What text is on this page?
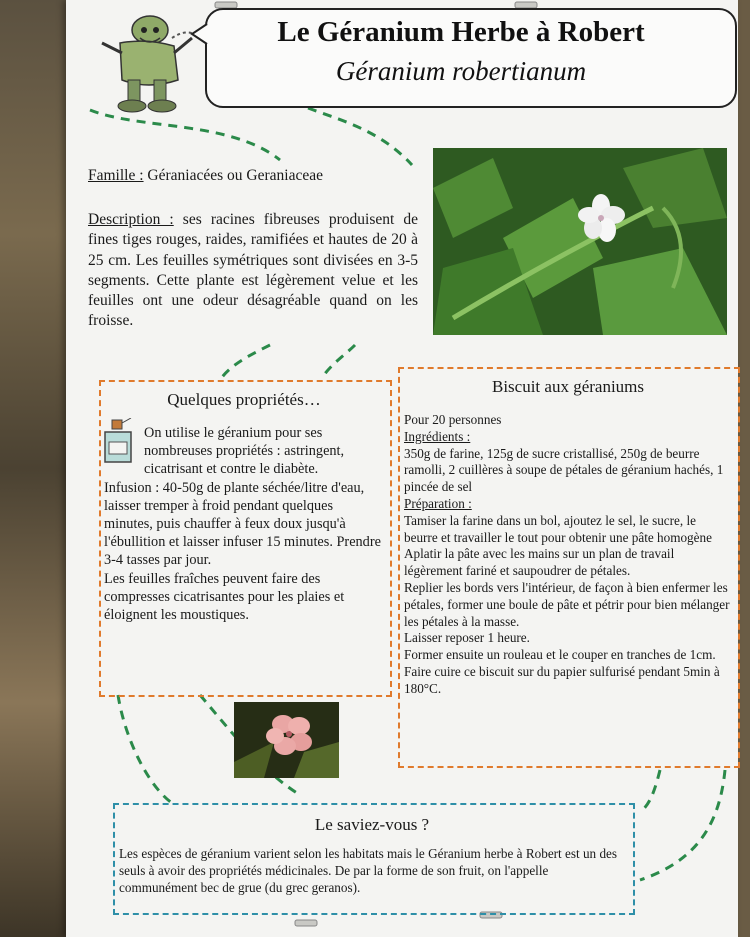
Le Géranium Herbe à Robert
Géranium robertianum
Famille : Géraniacées ou Geraniaceae
Description : ses racines fibreuses produisent de fines tiges rouges, raides, ramifiées et hautes de 20 à 25 cm. Les feuilles symétriques sont divisées en 3-5 segments. Cette plante est légèrement velue et les feuilles ont une odeur désagréable quand on les froisse.
Quelques propriétés…
On utilise le géranium pour ses nombreuses propriétés : astringent, cicatrisant et contre le diabète.
Infusion : 40-50g de plante séchée/litre d'eau, laisser tremper à froid pendant quelques minutes, puis chauffer à feux doux jusqu'à l'ébullition et laisser infuser 15 minutes. Prendre 3-4 tasses par jour.
Les feuilles fraîches peuvent faire des compresses cicatrisantes pour les plaies et éloignent les moustiques.
Biscuit aux géraniums
Pour 20 personnes
Ingrédients :
350g de farine, 125g de sucre cristallisé, 250g de beurre ramolli, 2 cuillères à soupe de pétales de géranium hachés, 1 pincée de sel
Préparation :
Tamiser la farine dans un bol, ajoutez le sel, le sucre, le beurre et travailler le tout pour obtenir une pâte homogène
Aplatir la pâte avec les mains sur un plan de travail légèrement fariné et saupoudrer de pétales.
Replier les bords vers l'intérieur, de façon à bien enfermer les pétales, former une boule de pâte et pétrir pour bien mélanger les pétales à la masse.
Laisser reposer 1 heure.
Former ensuite un rouleau et le couper en tranches de 1cm. Faire cuire ce biscuit sur du papier sulfurisé pendant 5min à 180°C.
Le saviez-vous ?
Les espèces de géranium varient selon les habitats mais le Géranium herbe à Robert est un des seuls à avoir des propriétés médicinales. De par la forme de son fruit, on l'appelle communément bec de grue (du grec geranos).
